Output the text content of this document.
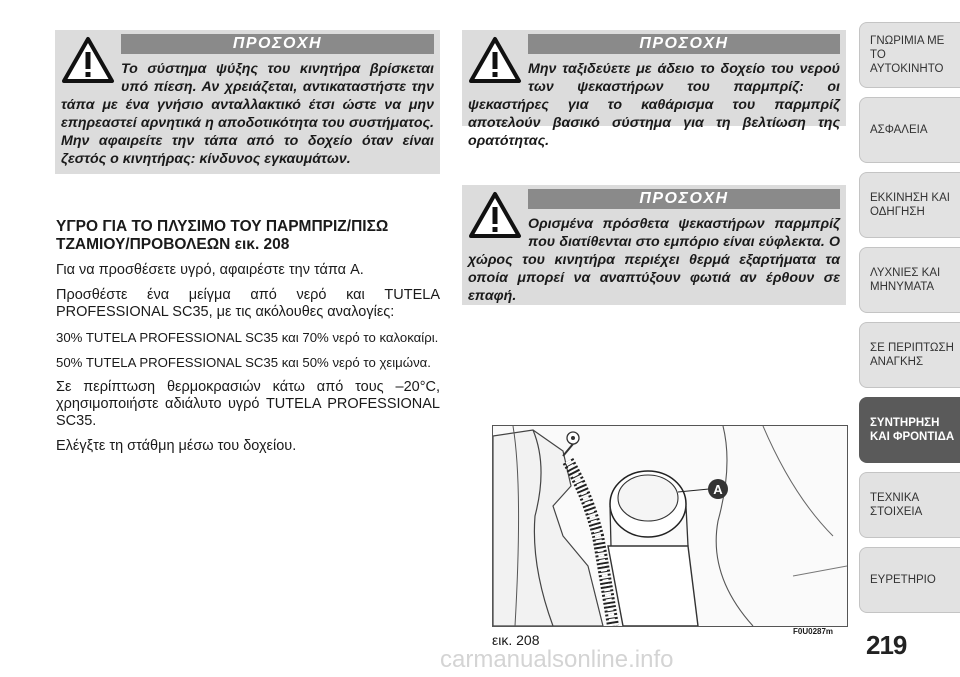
ΠΡΟΣΟΧΗ
Το σύστημα ψύξης του κινητήρα βρίσκεται υπό πίεση. Αν χρειάζεται, αντικαταστήστε την τάπα με ένα γνήσιο ανταλλακτικό έτσι ώστε να μην επηρεαστεί αρνητικά η αποδοτικότητα του συστήματος. Μην αφαιρείτε την τάπα από το δοχείο όταν είναι ζεστός ο κινητήρας: κίνδυνος εγκαυμάτων.
ΠΡΟΣΟΧΗ
Μην ταξιδεύετε με άδειο το δοχείο του νερού των ψεκαστήρων του παρμπρίζ: οι ψεκαστήρες για το καθάρισμα του παρμπρίζ αποτελούν βασικό σύστημα για τη βελτίωση της ορατότητας.
ΠΡΟΣΟΧΗ
Ορισμένα πρόσθετα ψεκαστήρων παρμπρίζ που διατίθενται στο εμπόριο είναι εύφλεκτα. Ο χώρος του κινητήρα περιέχει θερμά εξαρτήματα τα οποία μπορεί να αναπτύξουν φωτιά αν έρθουν σε επαφή.
ΥΓΡΟ ΓΙΑ ΤΟ ΠΛΥΣΙΜΟ ΤΟΥ ΠΑΡΜΠΡΙΖ/ΠΙΣΩ ΤΖΑΜΙΟΥ/ΠΡΟΒΟΛΕΩΝ εικ. 208

Για να προσθέσετε υγρό, αφαιρέστε την τάπα A.

Προσθέστε ένα μείγμα από νερό και TUTELA PROFESSIONAL SC35, με τις ακόλουθες αναλογίες:

30% TUTELA PROFESSIONAL SC35 και 70% νερό το καλοκαίρι.

50% TUTELA PROFESSIONAL SC35 και 50% νερό το χειμώνα.

Σε περίπτωση θερμοκρασιών κάτω από τους –20°C, χρησιμοποιήστε αδιάλυτο υγρό TUTELA PROFESSIONAL SC35.

Ελέγξτε τη στάθμη μέσω του δοχείου.

A
εικ. 208
F0U0287m
ΓΝΩΡΙΜΙΑ ΜΕ ΤΟ ΑΥΤΟΚΙΝΗΤΟ
ΑΣΦΑΛΕΙΑ
ΕΚΚΙΝΗΣΗ ΚΑΙ ΟΔΗΓΗΣΗ
ΛΥΧΝΙΕΣ ΚΑΙ ΜΗΝΥΜΑΤΑ
ΣΕ ΠΕΡΙΠΤΩΣΗ ΑΝΑΓΚΗΣ
ΣΥΝΤΗΡΗΣΗ ΚΑΙ ΦΡΟΝΤΙΔΑ
ΤΕΧΝΙΚΑ ΣΤΟΙΧΕΙΑ
ΕΥΡΕΤΗΡΙΟ
219
carmanualsonline.info
